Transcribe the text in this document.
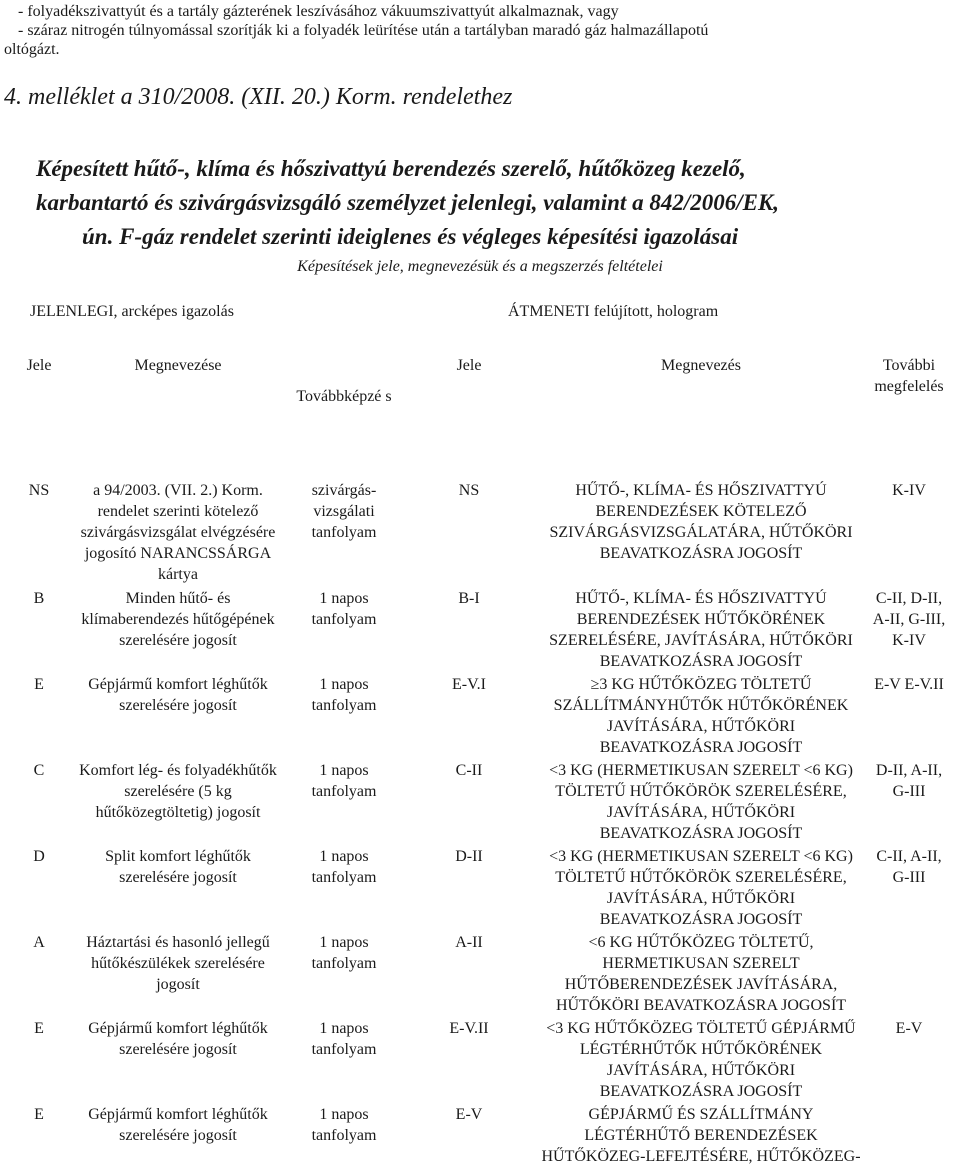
- folyadékszivattyút és a tartály gázterének leszívásához vákuumszivattyút alkalmaznak, vagy
- száraz nitrogén túlnyomással szorítják ki a folyadék leürítése után a tartályban maradó gáz halmazállapotú
oltógázt.
4. melléklet a 310/2008. (XII. 20.) Korm. rendelethez
Képesített hűtő-, klíma és hőszivattyú berendezés szerelő, hűtőközeg kezelő,
karbantartó és szivárgásvizsgáló személyzet jelenlegi, valamint a 842/2006/EK,
ún. F-gáz rendelet szerinti ideiglenes és végleges képesítési igazolásai
Képesítések jele, megnevezésük és a megszerzés feltételei
JELENLEGI, arcképes igazolás	ÁTMENETI felújított, hologram
Jele	Megnevezése	Továbbképzé s	Jele	Megnevezés	További megfelelés
NS	a 94/2003. (VII. 2.) Korm. rendelet szerinti kötelező szivárgásvizsgálat elvégzésére jogosító NARANCSSÁRGA kártya	szivárgás-vizsgálati tanfolyam	NS	HŰTŐ-, KLÍMA- ÉS HŐSZIVATTYÚ BERENDEZÉSEK KÖTELEZŐ SZIVÁRGÁSVIZSGÁLATÁRA, HŰTŐKÖRI BEAVATKOZÁSRA JOGOSÍT	K-IV
B	Minden hűtő- és klímaberendezés hűtőgépének szerelésére jogosít	1 napos tanfolyam	B-I	HŰTŐ-, KLÍMA- ÉS HŐSZIVATTYÚ BERENDEZÉSEK HŰTŐKÖRÉNEK SZERELÉSÉRE, JAVÍTÁSÁRA, HŰTŐKÖRI BEAVATKOZÁSRA JOGOSÍT	C-II, D-II, A-II, G-III, K-IV
E	Gépjármű komfort léghűtők szerelésére jogosít	1 napos tanfolyam	E-V.I	≥3 KG HŰTŐKÖZEG TÖLTETŰ SZÁLLÍTMÁNYHŰTŐK HŰTŐKÖRÉNEK JAVÍTÁSÁRA, HŰTŐKÖRI BEAVATKOZÁSRA JOGOSÍT	E-V E-V.II
C	Komfort lég- és folyadékhűtők szerelésére (5 kg hűtőközegtöltetig) jogosít	1 napos tanfolyam	C-II	<3 KG (HERMETIKUSAN SZERELT <6 KG) TÖLTETŰ HŰTŐKÖRÖK SZERELÉSÉRE, JAVÍTÁSÁRA, HŰTŐKÖRI BEAVATKOZÁSRA JOGOSÍT	D-II, A-II, G-III
D	Split komfort léghűtők szerelésére jogosít	1 napos tanfolyam	D-II	<3 KG (HERMETIKUSAN SZERELT <6 KG) TÖLTETŰ HŰTŐKÖRÖK SZERELÉSÉRE, JAVÍTÁSÁRA, HŰTŐKÖRI BEAVATKOZÁSRA JOGOSÍT	C-II, A-II, G-III
A	Háztartási és hasonló jellegű hűtőkészülékek szerelésére jogosít	1 napos tanfolyam	A-II	<6 KG HŰTŐKÖZEG TÖLTETŰ, HERMETIKUSAN SZERELT HŰTŐBERENDEZÉSEK JAVÍTÁSÁRA, HŰTŐKÖRI BEAVATKOZÁSRA JOGOSÍT	
E	Gépjármű komfort léghűtők szerelésére jogosít	1 napos tanfolyam	E-V.II	<3 KG HŰTŐKÖZEG TÖLTETŰ GÉPJÁRMŰ LÉGTÉRHŰTŐK HŰTŐKÖRÉNEK JAVÍTÁSÁRA, HŰTŐKÖRI BEAVATKOZÁSRA JOGOSÍT	E-V
E	Gépjármű komfort léghűtők szerelésére jogosít	1 napos tanfolyam	E-V	GÉPJÁRMŰ ÉS SZÁLLÍTMÁNY LÉGTÉRHŰTŐ BERENDEZÉSEK HŰTŐKÖZEG-LEFEJTÉSÉRE, HŰTŐKÖZEG-	
